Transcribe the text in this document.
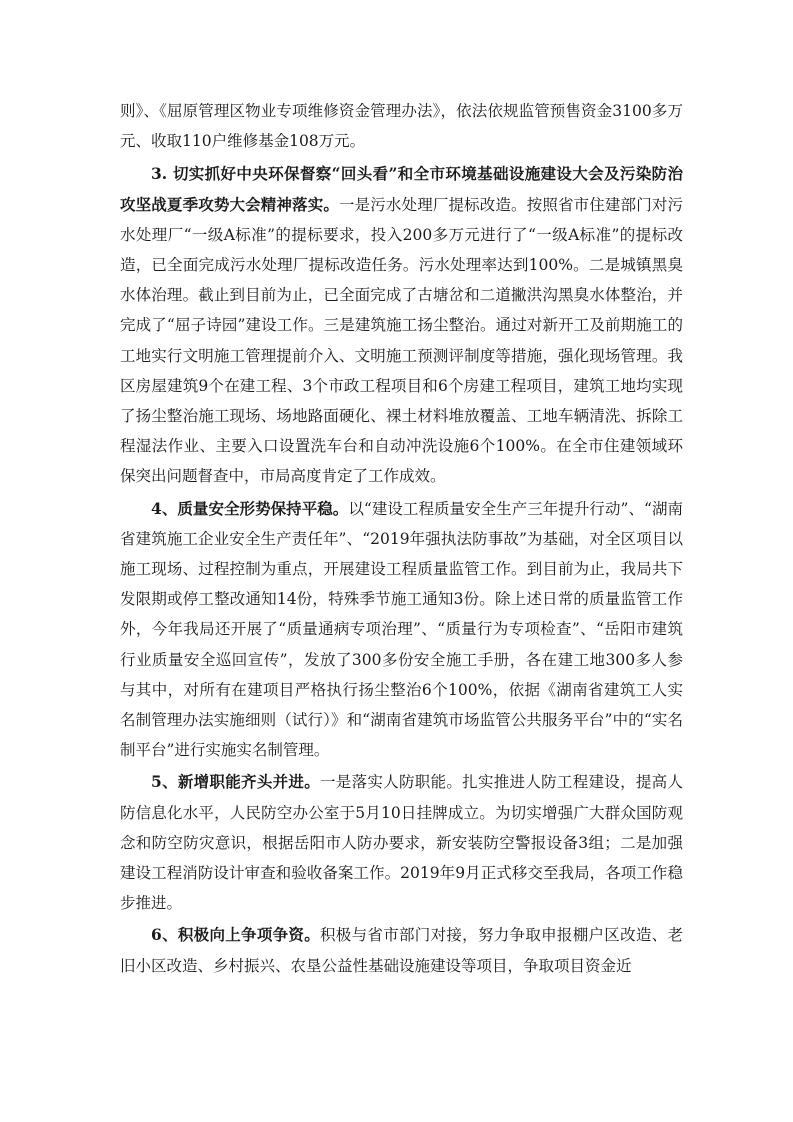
则》、《屈原管理区物业专项维修资金管理办法》，依法依规监管预售资金3100多万元、收取110户维修基金108万元。

3. 切实抓好中央环保督察“回头看”和全市环境基础设施建设大会及污染防治攻坚战夏季攻势大会精神落实。一是污水处理厂提标改造。按照省市住建部门对污水处理厂“一级A标准”的提标要求，投入200多万元进行了“一级A标准”的提标改造，已全面完成污水处理厂提标改造任务。污水处理率达到100%。二是城镇黑臭水体治理。截止到目前为止，已全面完成了古塘岔和二道撇洪沟黑臭水体整治，并完成了“屈子诗园”建设工作。三是建筑施工扬尘整治。通过对新开工及前期施工的工地实行文明施工管理提前介入、文明施工预测评制度等措施，强化现场管理。我区房屋建筑9个在建工程、3个市政工程项目和6个房建工程项目，建筑工地均实现了扬尘整治施工现场、场地路面硬化、裸土材料堆放覆盖、工地车辆清洗、拆除工程湿法作业、主要入口设置洗车台和自动冲洗设施6个100%。在全市住建领域环保突出问题督查中，市局高度肯定了工作成效。

4、质量安全形势保持平稳。以“建设工程质量安全生产三年提升行动”、“湖南省建筑施工企业安全生产责任年”、“2019年强执法防事故”为基础，对全区项目以施工现场、过程控制为重点，开展建设工程质量监管工作。到目前为止，我局共下发限期或停工整改通知14份，特殊季节施工通知3份。除上述日常的质量监管工作外，今年我局还开展了“质量通病专项治理”、“质量行为专项检查”、“岳阳市建筑行业质量安全巡回宣传”，发放了300多份安全施工手册，各在建工地300多人参与其中，对所有在建项目严格执行扬尘整治6个100%，依据《湖南省建筑工人实名制管理办法实施细则（试行）》和“湖南省建筑市场监管公共服务平台”中的“实名制平台”进行实施实名制管理。

5、新增职能齐头并进。一是落实人防职能。扎实推进人防工程建设，提高人防信息化水平，人民防空办公室于5月10日挂牌成立。为切实增强广大群众国防观念和防空防灾意识，根据岳阳市人防办要求，新安装防空警报设备3组；二是加强建设工程消防设计审查和验收备案工作。2019年9月正式移交至我局，各项工作稳步推进。

6、积极向上争项争资。积极与省市部门对接，努力争取申报棚户区改造、老旧小区改造、乡村振兴、农垦公益性基础设施建设等项目，争取项目资金近
